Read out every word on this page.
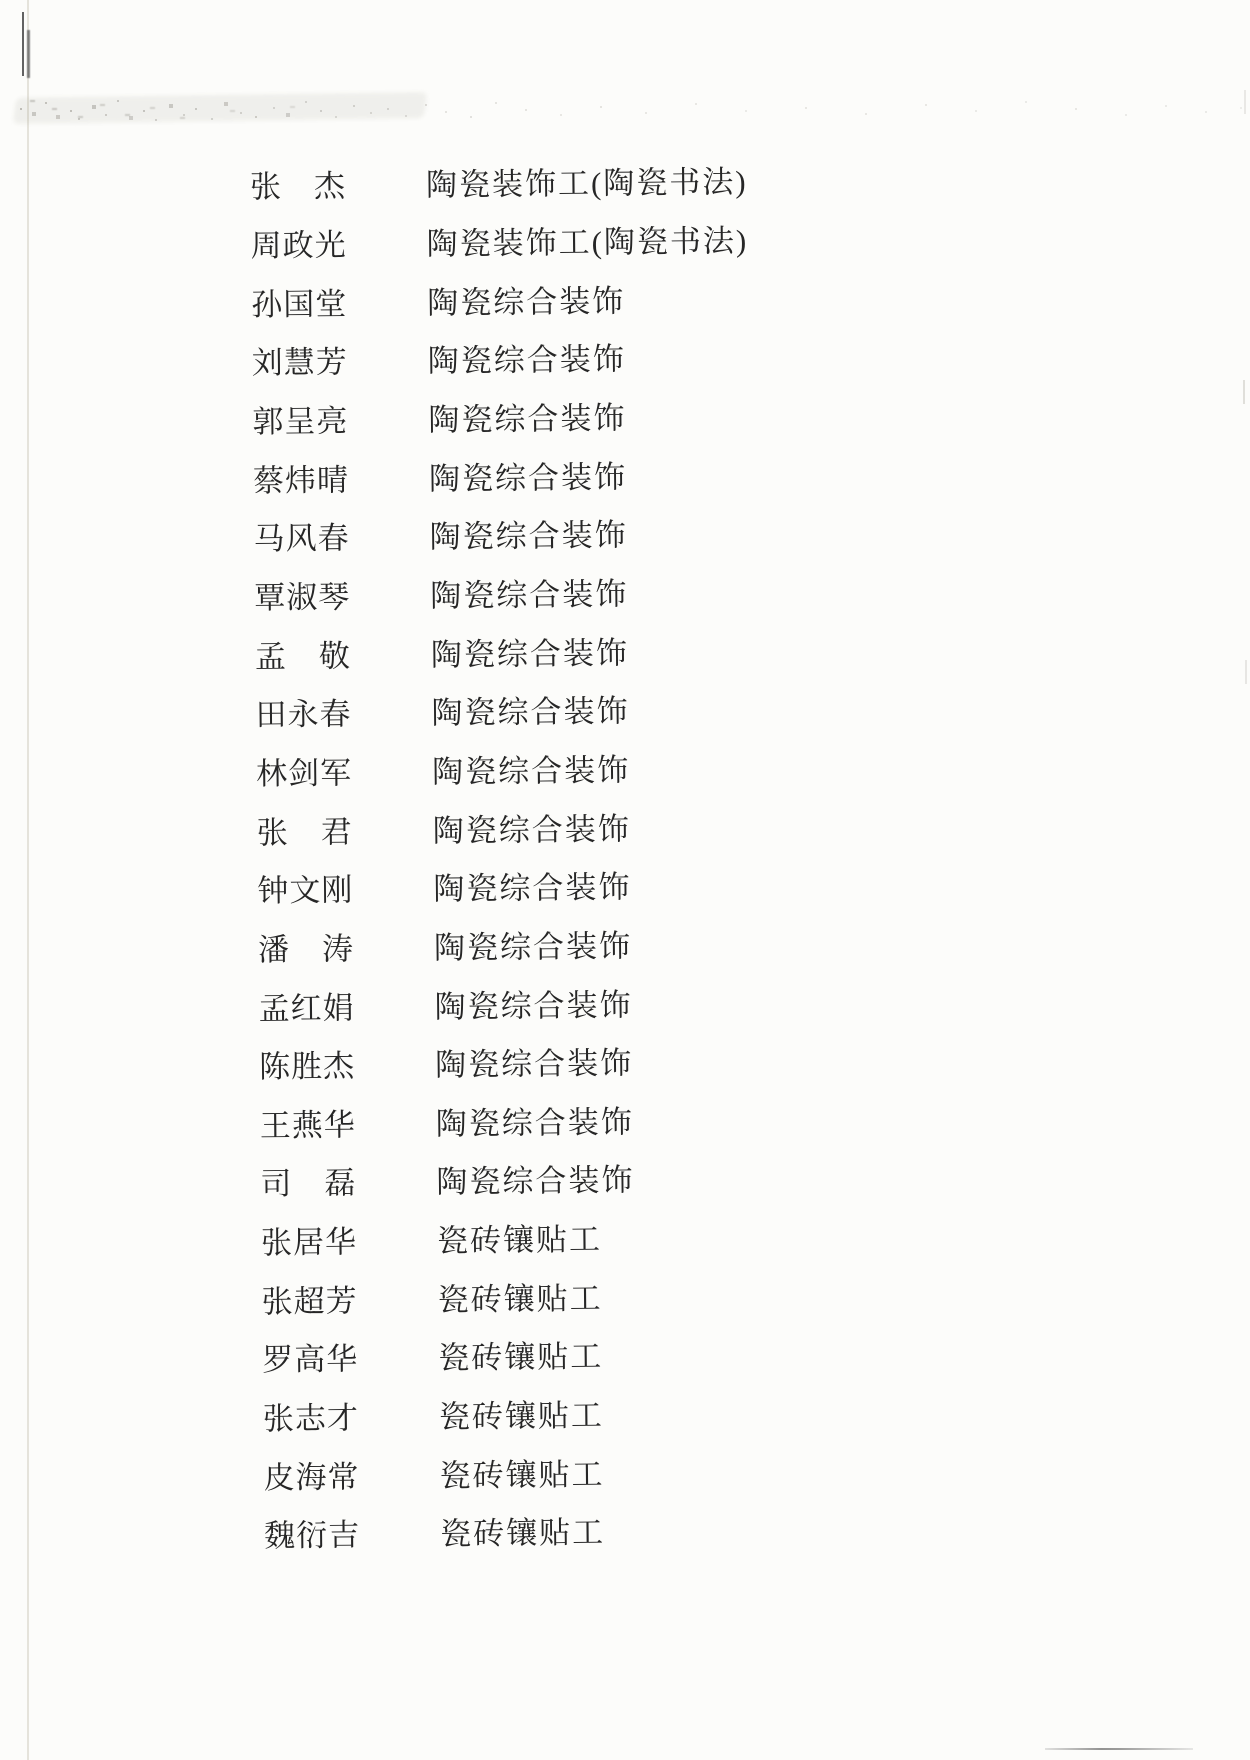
张　杰	陶瓷装饰工(陶瓷书法)
周政光	陶瓷装饰工(陶瓷书法)
孙国堂	陶瓷综合装饰
刘慧芳	陶瓷综合装饰
郭呈亮	陶瓷综合装饰
蔡炜晴	陶瓷综合装饰
马风春	陶瓷综合装饰
覃淑琴	陶瓷综合装饰
孟　敬	陶瓷综合装饰
田永春	陶瓷综合装饰
林剑军	陶瓷综合装饰
张　君	陶瓷综合装饰
钟文刚	陶瓷综合装饰
潘　涛	陶瓷综合装饰
孟红娟	陶瓷综合装饰
陈胜杰	陶瓷综合装饰
王燕华	陶瓷综合装饰
司　磊	陶瓷综合装饰
张居华	瓷砖镶贴工
张超芳	瓷砖镶贴工
罗高华	瓷砖镶贴工
张志才	瓷砖镶贴工
皮海常	瓷砖镶贴工
魏衍吉	瓷砖镶贴工
